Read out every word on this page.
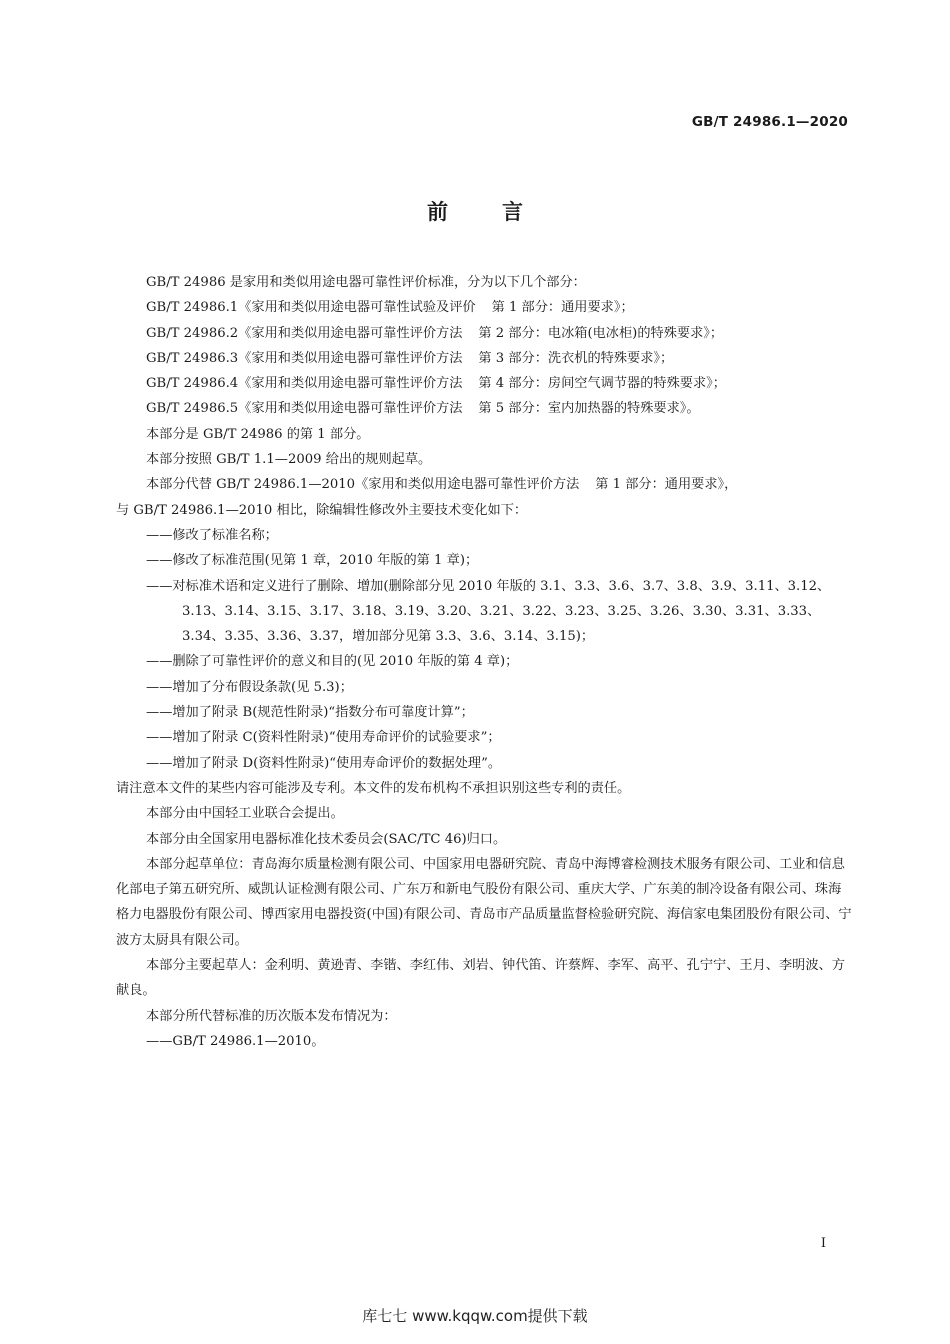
GB/T 24986.1—2020
前	言

GB/T 24986 是家用和类似用途电器可靠性评价标准，分为以下几个部分：

GB/T 24986.1《家用和类似用途电器可靠性试验及评价 第 1 部分：通用要求》；

GB/T 24986.2《家用和类似用途电器可靠性评价方法 第 2 部分：电冰箱(电冰柜)的特殊要求》；

GB/T 24986.3《家用和类似用途电器可靠性评价方法 第 3 部分：洗衣机的特殊要求》；

GB/T 24986.4《家用和类似用途电器可靠性评价方法 第 4 部分：房间空气调节器的特殊要求》；

GB/T 24986.5《家用和类似用途电器可靠性评价方法 第 5 部分：室内加热器的特殊要求》。

本部分是 GB/T 24986 的第 1 部分。

本部分按照 GB/T 1.1—2009 给出的规则起草。

本部分代替 GB/T 24986.1—2010《家用和类似用途电器可靠性评价方法 第 1 部分：通用要求》，

与 GB/T 24986.1—2010 相比，除编辑性修改外主要技术变化如下：

——修改了标准名称；

——修改了标准范围(见第 1 章，2010 年版的第 1 章)；

——对标准术语和定义进行了删除、增加(删除部分见 2010 年版的 3.1、3.3、3.6、3.7、3.8、3.9、3.11、3.12、3.13、3.14、3.15、3.17、3.18、3.19、3.20、3.21、3.22、3.23、3.25、3.26、3.30、3.31、3.33、3.34、3.35、3.36、3.37，增加部分见第 3.3、3.6、3.14、3.15)；

——删除了可靠性评价的意义和目的(见 2010 年版的第 4 章)；

——增加了分布假设条款(见 5.3)；

——增加了附录 B(规范性附录)“指数分布可靠度计算”；

——增加了附录 C(资料性附录)“使用寿命评价的试验要求”；

——增加了附录 D(资料性附录)“使用寿命评价的数据处理”。

请注意本文件的某些内容可能涉及专利。本文件的发布机构不承担识别这些专利的责任。

本部分由中国轻工业联合会提出。

本部分由全国家用电器标准化技术委员会(SAC/TC 46)归口。

本部分起草单位：青岛海尔质量检测有限公司、中国家用电器研究院、青岛中海博睿检测技术服务有限公司、工业和信息化部电子第五研究所、威凯认证检测有限公司、广东万和新电气股份有限公司、重庆大学、广东美的制冷设备有限公司、珠海格力电器股份有限公司、博西家用电器投资(中国)有限公司、青岛市产品质量监督检验研究院、海信家电集团股份有限公司、宁波方太厨具有限公司。

本部分主要起草人：金利明、黄逊青、李锴、李红伟、刘岩、钟代笛、许蔡辉、李军、高平、孔宁宁、王月、李明波、方献良。

本部分所代替标准的历次版本发布情况为：

——GB/T 24986.1—2010。

I
库七七 www.kqqw.com提供下载
